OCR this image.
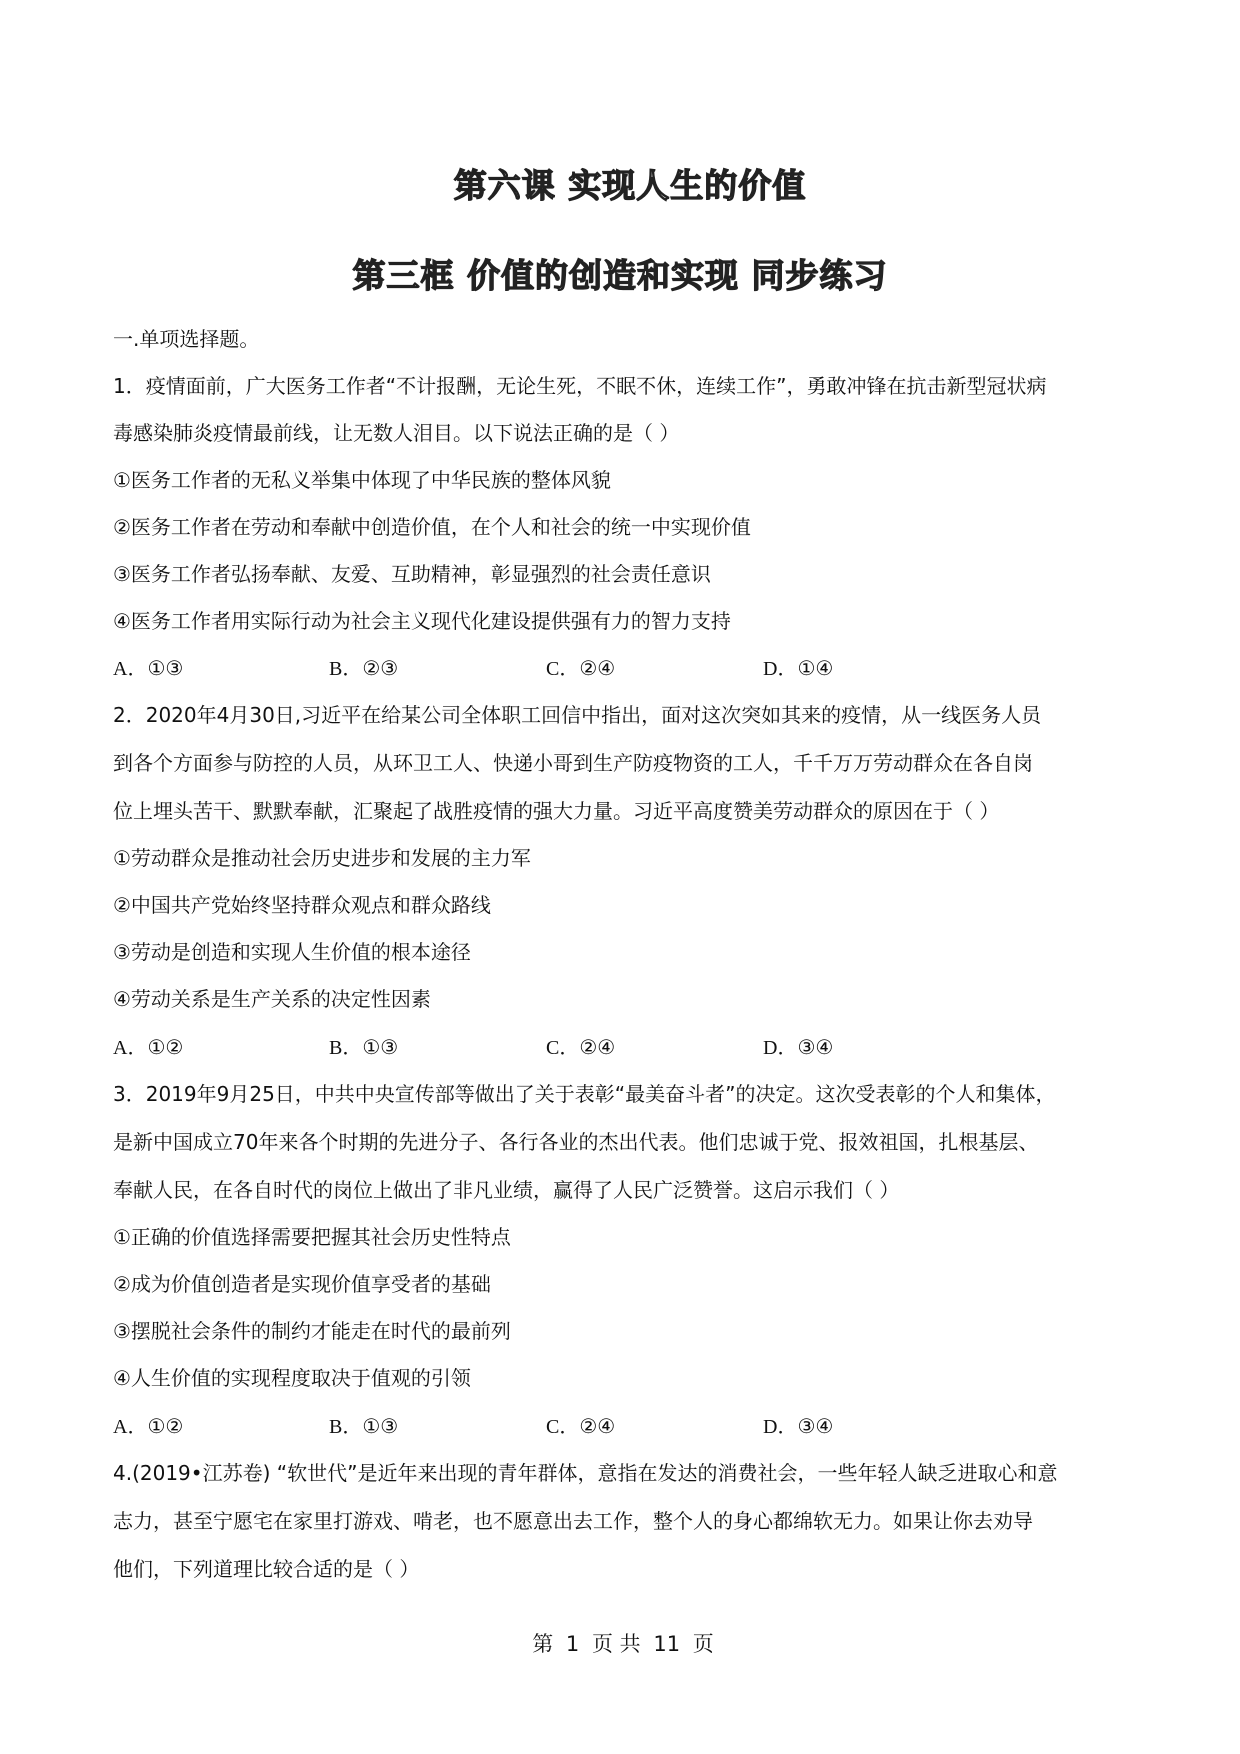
第六课 实现人生的价值
第三框 价值的创造和实现 同步练习
一.单项选择题。
1．疫情面前，广大医务工作者“不计报酬，无论生死，不眠不休，连续工作”，勇敢冲锋在抗击新型冠状病
毒感染肺炎疫情最前线，让无数人泪目。以下说法正确的是（ ）
①医务工作者的无私义举集中体现了中华民族的整体风貌
②医务工作者在劳动和奉献中创造价值，在个人和社会的统一中实现价值
③医务工作者弘扬奉献、友爱、互助精神，彰显强烈的社会责任意识
④医务工作者用实际行动为社会主义现代化建设提供强有力的智力支持
A．①③	B．②③	C．②④	D．①④
2．2020年4月30日,习近平在给某公司全体职工回信中指出，面对这次突如其来的疫情，从一线医务人员
到各个方面参与防控的人员，从环卫工人、快递小哥到生产防疫物资的工人，千千万万劳动群众在各自岗
位上埋头苦干、默默奉献，汇聚起了战胜疫情的强大力量。习近平高度赞美劳动群众的原因在于（ ）
①劳动群众是推动社会历史进步和发展的主力军
②中国共产党始终坚持群众观点和群众路线
③劳动是创造和实现人生价值的根本途径
④劳动关系是生产关系的决定性因素
A．①②	B．①③	C．②④	D．③④
3．2019年9月25日，中共中央宣传部等做出了关于表彰“最美奋斗者”的决定。这次受表彰的个人和集体，
是新中国成立70年来各个时期的先进分子、各行各业的杰出代表。他们忠诚于党、报效祖国，扎根基层、
奉献人民，在各自时代的岗位上做出了非凡业绩，赢得了人民广泛赞誉。这启示我们（ ）
①正确的价值选择需要把握其社会历史性特点
②成为价值创造者是实现价值享受者的基础
③摆脱社会条件的制约才能走在时代的最前列
④人生价值的实现程度取决于值观的引领
A．①②	B．①③	C．②④	D．③④
4.(2019•江苏卷) “软世代”是近年来出现的青年群体，意指在发达的消费社会，一些年轻人缺乏进取心和意
志力，甚至宁愿宅在家里打游戏、啃老，也不愿意出去工作，整个人的身心都绵软无力。如果让你去劝导
他们，下列道理比较合适的是（ ）
第 1 页 共 11 页
